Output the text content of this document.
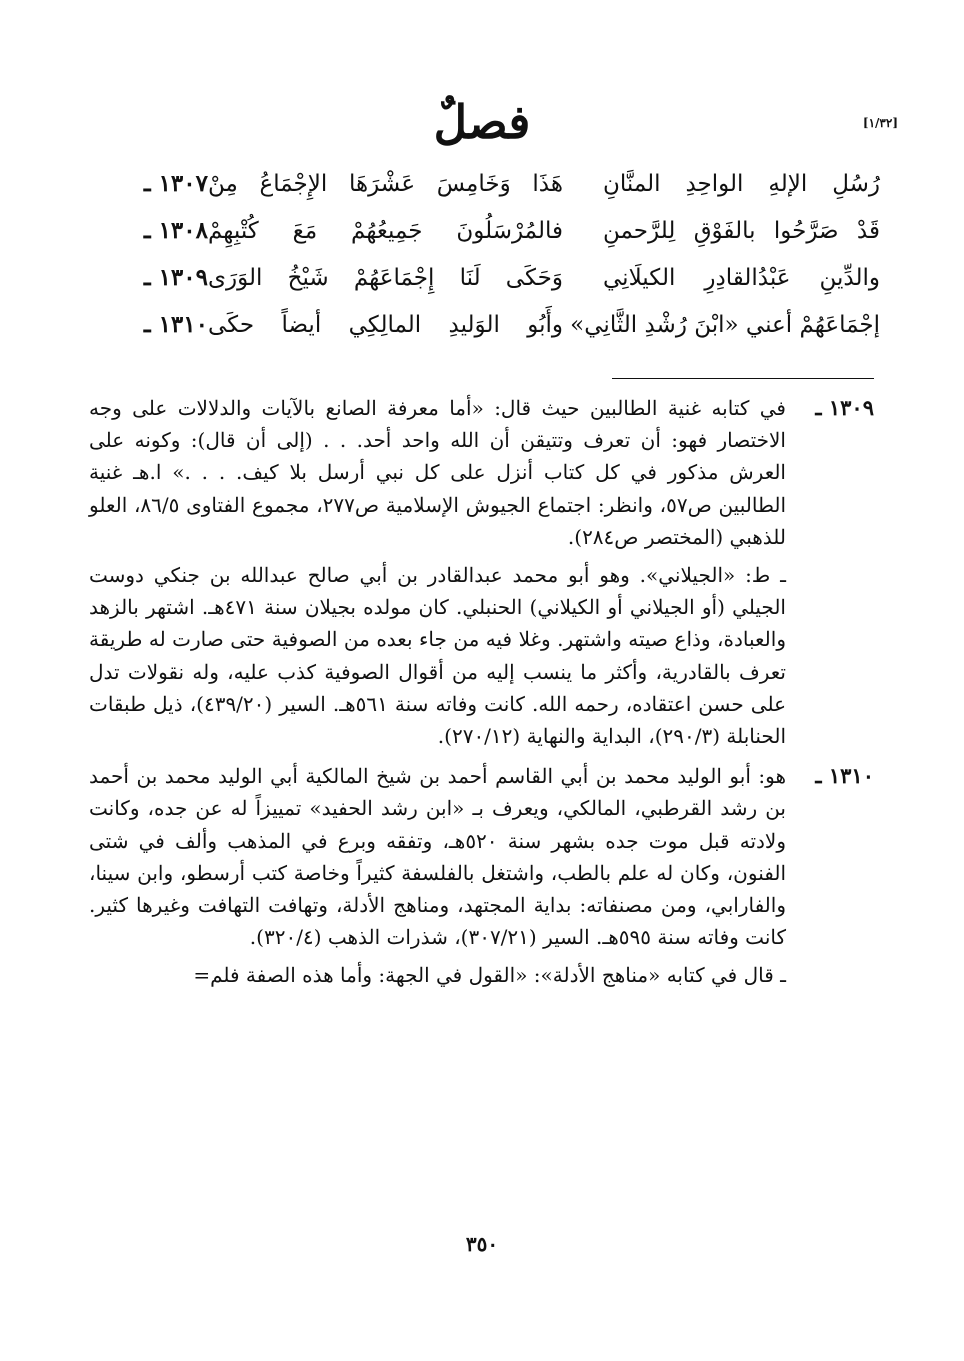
[١/٣٢]
فصلٌ
١٣٠٧ ـ هَذَا وَخَامِسَ عَشْرَهَا الإِجْمَاعُ مِنْ رُسُلِ الإلهِ الواحِدِ المنَّانِ
١٣٠٨ ـ فالمُرْسَلُونَ جَمِيعُهُمْ مَعَ كُتْبِهِمْ قَدْ صَرَّحُوا بالفَوْقِ لِلرَّحمنِ
١٣٠٩ ـ وَحَكَى لَنَا إِجْمَاعَهُمْ شَيْخُ الوَرَى والدِّينِ عَبْدُالقادِرِ الكيلَانِي
١٣١٠ ـ وأَبُو الوَليدِ المالِكِي أيضاً حكَى إجْمَاعَهُمْ أعني «ابْنَ رُشْدِ الثَّانِي»
١٣٠٩ ـ
في كتابه غنية الطالبين حيث قال: «أما معرفة الصانع بالآيات والدلالات على وجه الاختصار فهو: أن تعرف وتتيقن أن الله واحد أحد. . . (إلى أن قال): وكونه على العرش مذكور في كل كتاب أنزل على كل نبي أرسل بلا كيف. . . .» ا.هـ غنية الطالبين ص٥٧، وانظر: اجتماع الجيوش الإسلامية ص٢٧٧، مجموع الفتاوى ٨٦/٥، العلو للذهبي (المختصر ص٢٨٤).
ـ ط: «الجيلاني». وهو أبو محمد عبدالقادر بن أبي صالح عبدالله بن جنكي دوست الجيلي (أو الجيلاني أو الكيلاني) الحنبلي. كان مولده بجيلان سنة ٤٧١هـ. اشتهر بالزهد والعبادة، وذاع صيته واشتهر. وغلا فيه من جاء بعده من الصوفية حتى صارت له طريقة تعرف بالقادرية، وأكثر ما ينسب إليه من أقوال الصوفية كذب عليه، وله نقولات تدل على حسن اعتقاده، رحمه الله. كانت وفاته سنة ٥٦١هـ. السير (٤٣٩/٢٠)، ذيل طبقات الحنابلة (٢٩٠/٣)، البداية والنهاية (٢٧٠/١٢).
١٣١٠ ـ
هو: أبو الوليد محمد بن أبي القاسم أحمد بن شيخ المالكية أبي الوليد محمد بن أحمد بن رشد القرطبي، المالكي، ويعرف بـ «ابن رشد الحفيد» تمييزاً له عن جده، وكانت ولادته قبل موت جده بشهر سنة ٥٢٠هـ، وتفقه وبرع في المذهب وألف في شتى الفنون، وكان له علم بالطب، واشتغل بالفلسفة كثيراً وخاصة كتب أرسطو، وابن سينا، والفارابي، ومن مصنفاته: بداية المجتهد، ومناهج الأدلة، وتهافت التهافت وغيرها كثير. كانت وفاته سنة ٥٩٥هـ. السير (٣٠٧/٢١)، شذرات الذهب (٣٢٠/٤).
ـ قال في كتابه «مناهج الأدلة»: «القول في الجهة: وأما هذه الصفة فلم=
٣٥٠
